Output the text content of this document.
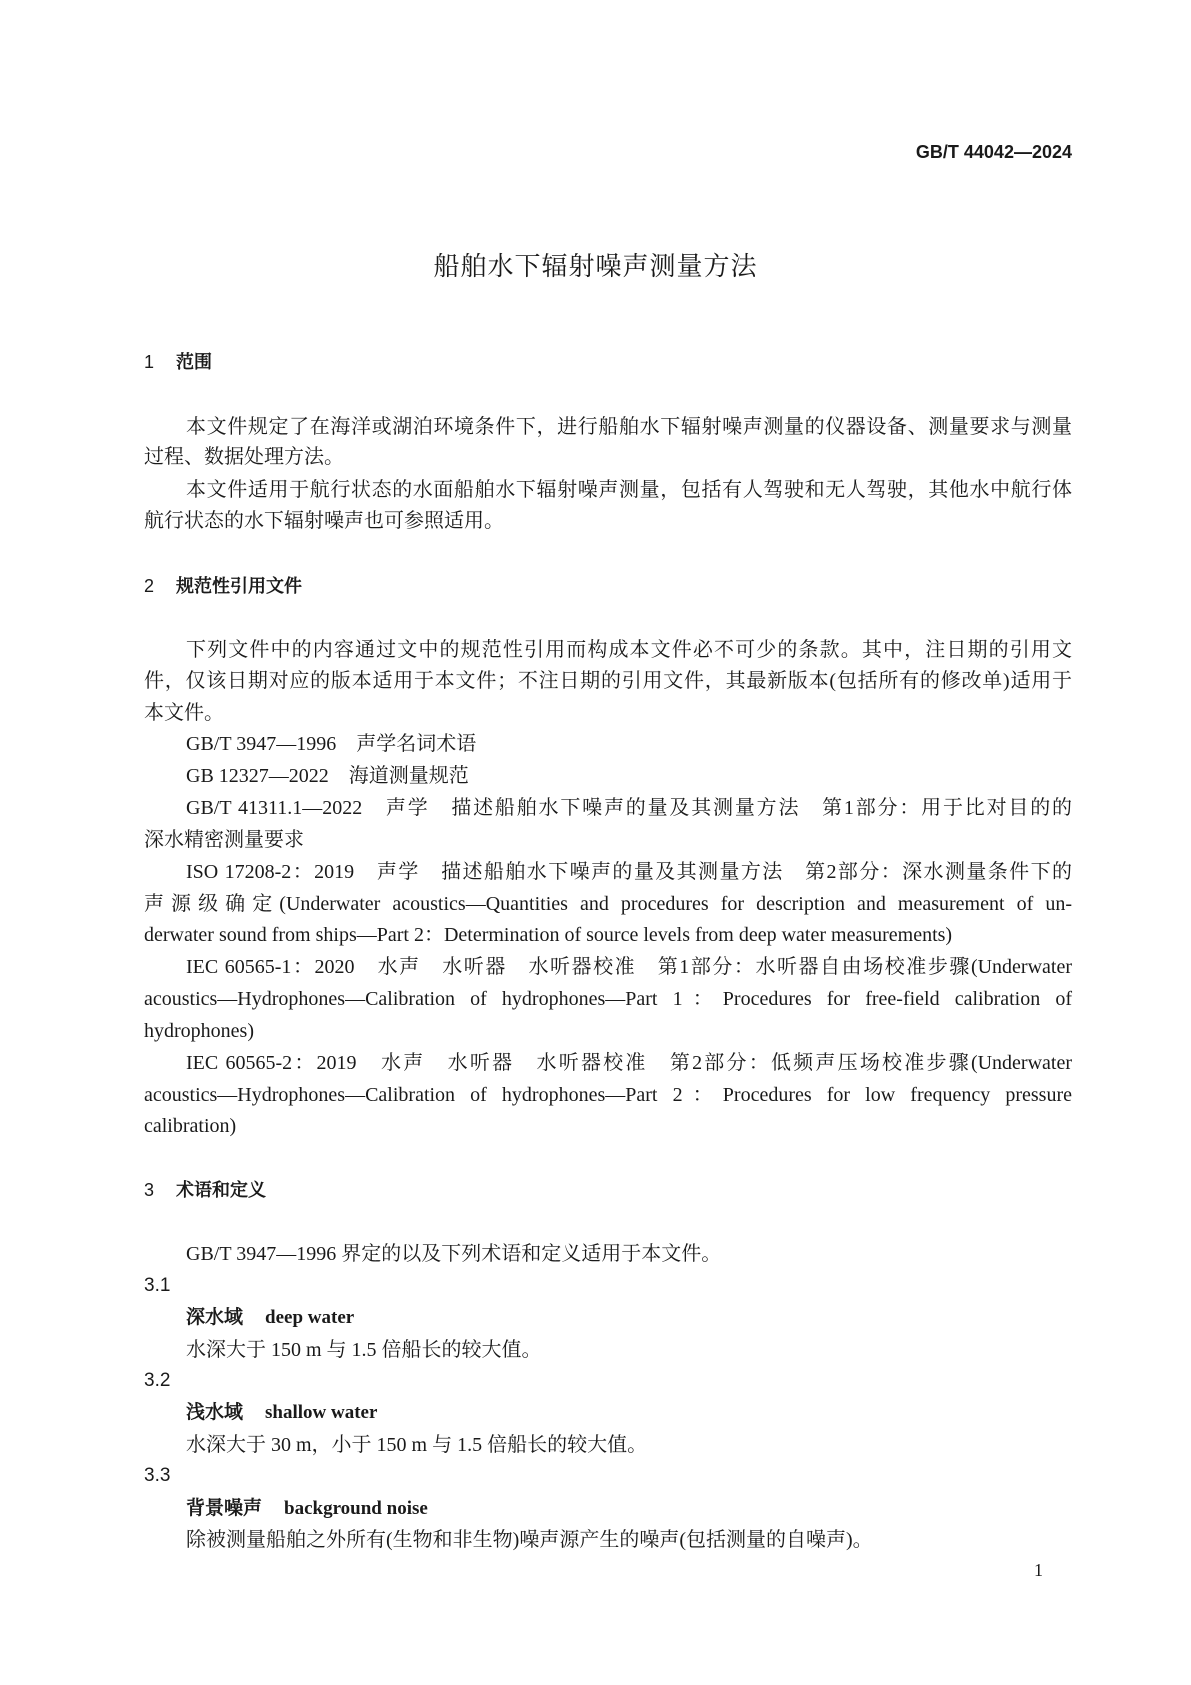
GB/T 44042—2024
船舶水下辐射噪声测量方法
1 范围
本文件规定了在海洋或湖泊环境条件下，进行船舶水下辐射噪声测量的仪器设备、测量要求与测量
过程、数据处理方法。
本文件适用于航行状态的水面船舶水下辐射噪声测量，包括有人驾驶和无人驾驶，其他水中航行体
航行状态的水下辐射噪声也可参照适用。
2 规范性引用文件
下列文件中的内容通过文中的规范性引用而构成本文件必不可少的条款。其中，注日期的引用文
件，仅该日期对应的版本适用于本文件；不注日期的引用文件，其最新版本(包括所有的修改单)适用于
本文件。
GB/T 3947—1996　声学名词术语
GB 12327—2022　海道测量规范
GB/T 41311.1—2022　声学　描述船舶水下噪声的量及其测量方法　第1部分：用于比对目的的
深水精密测量要求
ISO 17208-2：2019　声学　描述船舶水下噪声的量及其测量方法　第2部分：深水测量条件下的
声源级确定(Underwater acoustics—Quantities and procedures for description and measurement of un-
derwater sound from ships—Part 2：Determination of source levels from deep water measurements)
IEC 60565-1：2020　水声　水听器　水听器校准　第1部分：水听器自由场校准步骤(Underwater
acoustics—Hydrophones—Calibration of hydrophones—Part 1：Procedures for free-field calibration of
hydrophones)
IEC 60565-2：2019　水声　水听器　水听器校准　第2部分：低频声压场校准步骤(Underwater
acoustics—Hydrophones—Calibration of hydrophones—Part 2：Procedures for low frequency pressure
calibration)
3 术语和定义
GB/T 3947—1996 界定的以及下列术语和定义适用于本文件。
3.1
深水域 deep water
水深大于 150 m 与 1.5 倍船长的较大值。
3.2
浅水域 shallow water
水深大于 30 m，小于 150 m 与 1.5 倍船长的较大值。
3.3
背景噪声 background noise
除被测量船舶之外所有(生物和非生物)噪声源产生的噪声(包括测量的自噪声)。
1
